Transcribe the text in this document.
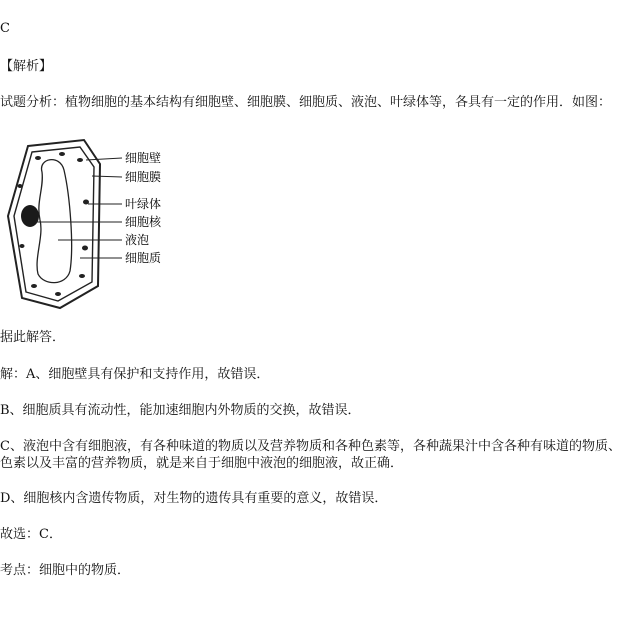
C
【解析】
试题分析：植物细胞的基本结构有细胞壁、细胞膜、细胞质、液泡、叶绿体等，各具有一定的作用．如图：
细胞壁
细胞膜
叶绿体
细胞核
液泡
细胞质
据此解答．
解：A、细胞壁具有保护和支持作用，故错误．
B、细胞质具有流动性，能加速细胞内外物质的交换，故错误．
C、液泡中含有细胞液，有各种味道的物质以及营养物质和各种色素等，各种蔬果汁中含各种有味道的物质、色素以及丰富的营养物质，就是来自于细胞中液泡的细胞液，故正确．
D、细胞核内含遗传物质，对生物的遗传具有重要的意义，故错误．
故选：C．
考点：细胞中的物质．
